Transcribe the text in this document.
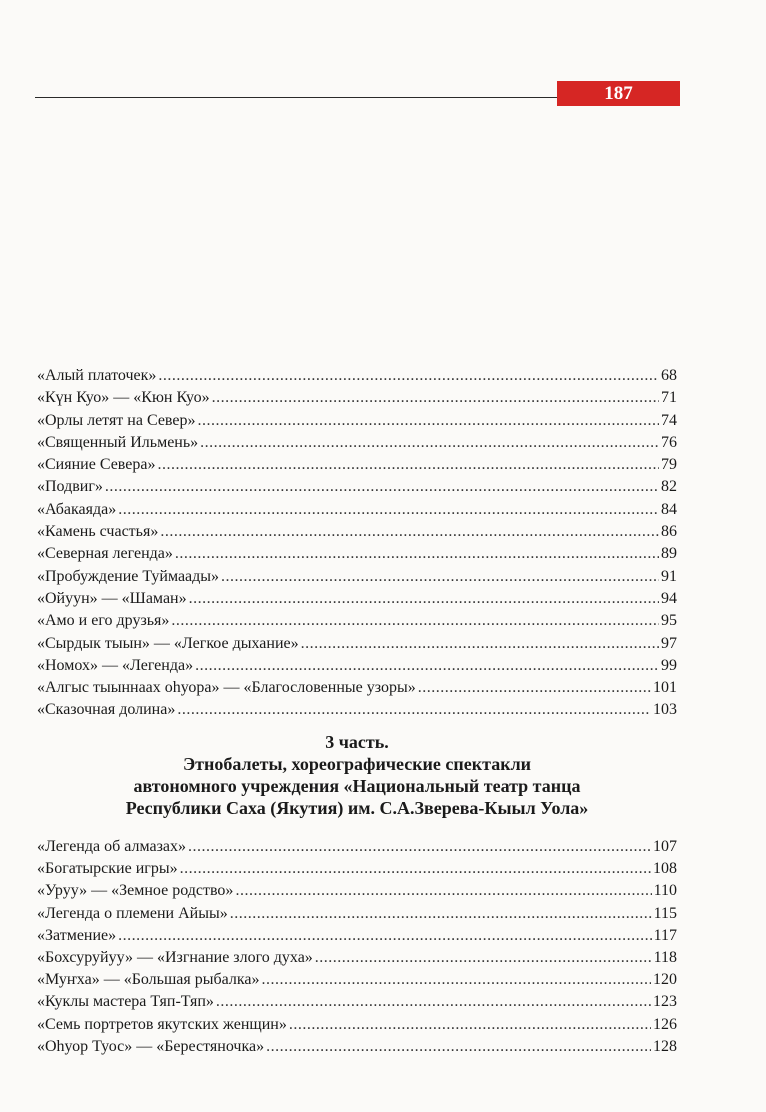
187
«Алый платочек» .....	68
«Күн Куо» — «Кюн Куо» .....	71
«Орлы летят на Север» .....	74
«Священный Ильмень» .....	76
«Сияние Севера» .....	79
«Подвиг» .....	82
«Абакаяда» .....	84
«Камень счастья» .....	86
«Северная легенда» .....	89
«Пробуждение Туймаады» .....	91
«Ойуун» — «Шаман» .....	94
«Амо и его друзья» .....	95
«Сырдык тыын» — «Легкое дыхание» .....	97
«Номох» — «Легенда» .....	99
«Алгыс тыыннаах оhуора» — «Благословенные узоры» .....	101
«Сказочная долина» .....	103
3 часть.
Этнобалеты, хореографические спектакли
автономного учреждения «Национальный театр танца
Республики Саха (Якутия) им. С.А.Зверева-Кыыл Уола»
«Легенда об алмазах» .....	107
«Богатырские игры» .....	108
«Уруу» — «Земное родство» .....	110
«Легенда о племени Айыы» .....	115
«Затмение» .....	117
«Бохсуруйуу» — «Изгнание злого духа» .....	118
«Муҥха» — «Большая рыбалка» .....	120
«Куклы мастера Тяп-Тяп» .....	123
«Семь портретов якутских женщин» .....	126
«Оhуор Туос» — «Берестяночка» .....	128
